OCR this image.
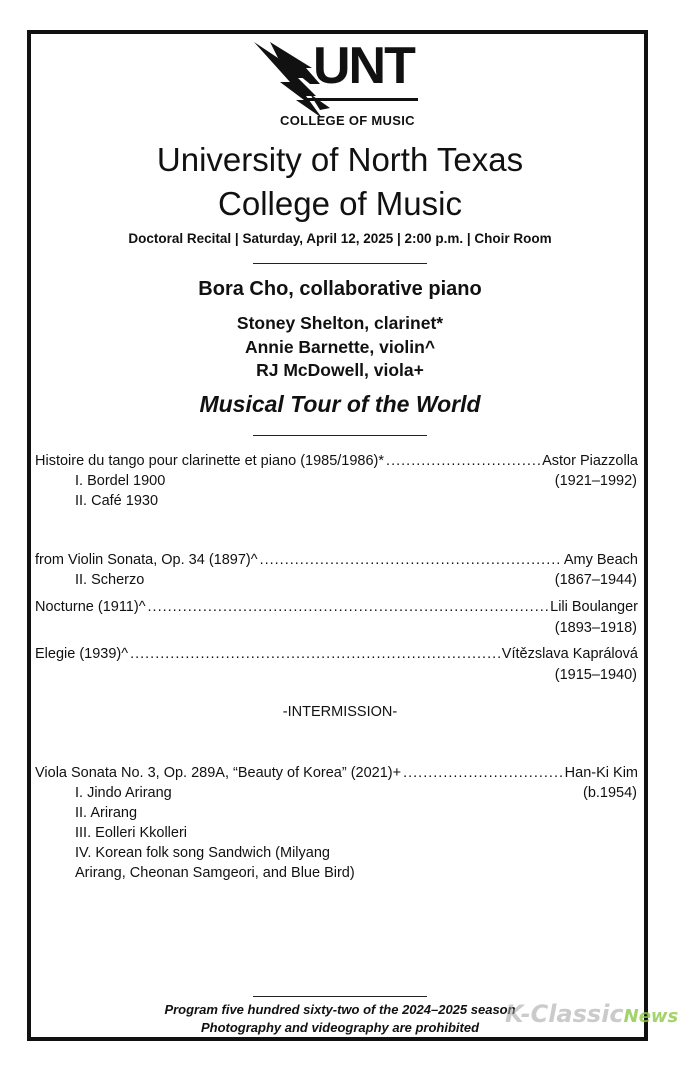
UNT
COLLEGE OF MUSIC
University of North Texas
College of Music
Doctoral Recital | Saturday, April 12, 2025 | 2:00 p.m. | Choir Room
Bora Cho, collaborative piano
Stoney Shelton, clarinet*
Annie Barnette, violin^
RJ McDowell, viola+
Musical Tour of the World
Histoire du tango pour clarinette et piano (1985/1986)* .....	Astor Piazzolla
I. Bordel 1900	(1921–1992)
II. Café 1930
from Violin Sonata, Op. 34 (1897)^ .....	Amy Beach
II. Scherzo	(1867–1944)
Nocturne (1911)^ .....	Lili Boulanger
(1893–1918)
Elegie (1939)^ .....	Vítězslava Kaprálová
(1915–1940)
-INTERMISSION-
Viola Sonata No. 3, Op. 289A, “Beauty of Korea” (2021)+ .....	Han-Ki Kim
I. Jindo Arirang	(b.1954)
II. Arirang
III. Eolleri Kkolleri
IV. Korean folk song Sandwich (Milyang
Arirang, Cheonan Samgeori, and Blue Bird)
Program five hundred sixty-two of the 2024–2025 season
Photography and videography are prohibited	K-ClassicNews
